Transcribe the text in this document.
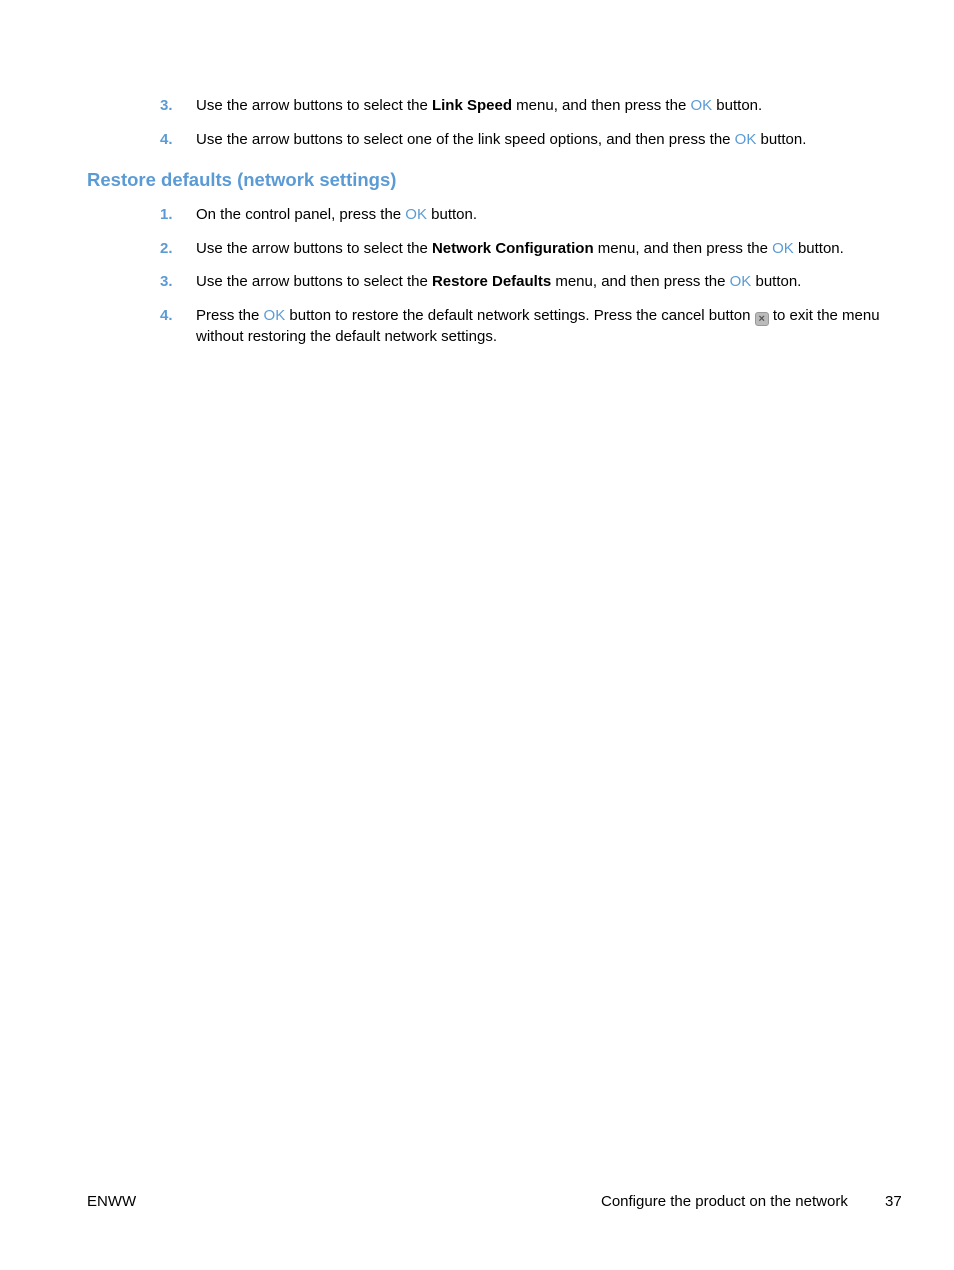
3. Use the arrow buttons to select the Link Speed menu, and then press the OK button.
4. Use the arrow buttons to select one of the link speed options, and then press the OK button.
Restore defaults (network settings)
1. On the control panel, press the OK button.
2. Use the arrow buttons to select the Network Configuration menu, and then press the OK button.
3. Use the arrow buttons to select the Restore Defaults menu, and then press the OK button.
4. Press the OK button to restore the default network settings. Press the cancel button × to exit the menu without restoring the default network settings.
ENWW	Configure the product on the network 37
